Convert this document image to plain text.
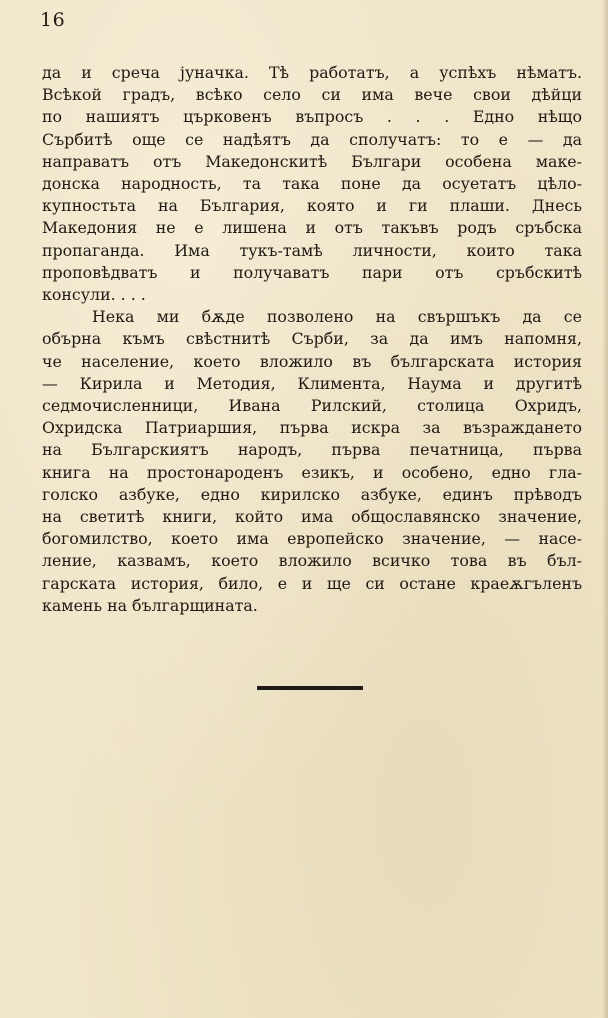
16
да и среча јуначка. Тѣ работатъ, а успѣхъ нѣматъ.
Всѣкой градъ, всѣко село си има вече свои дѣйци
по нашиятъ църковенъ въпросъ . . . Едно нѣщо
Сърбитѣ още се надѣятъ да сполучатъ: то е — да
направатъ отъ Македонскитѣ Българи особена маке-
донска народность, та така поне да осуетатъ цѣло-
купностьта на България, която и ги плаши. Днесь
Македония не е лишена и отъ такъвъ родъ сръбска
пропаганда. Има тукъ-тамѣ личности, които така
проповѣдватъ и получаватъ пари отъ сръбскитѣ
консули. . . .
Нека ми бѫде позволено на свършъкъ да се
обърна къмъ свѣстнитѣ Сърби, за да имъ напомня,
че население, което вложило въ българската история
— Кирила и Методия, Климента, Наума и другитѣ
седмочисленници, Ивана Рилский, столица Охридъ,
Охридска Патриаршия, първа искра за възраждането
на Българскиятъ народъ, първа печатница, първа
книга на простонароденъ езикъ, и особено, едно гла-
голско азбуке, едно кирилско азбуке, единъ прѣводъ
на светитѣ книги, който има общославянско значение,
богомилство, което има европейско значение, — насе-
ление, казвамъ, което вложило всичко това въ бъл-
гарската история, било, е и ще си остане краеѫгъленъ
камень на българщината.
